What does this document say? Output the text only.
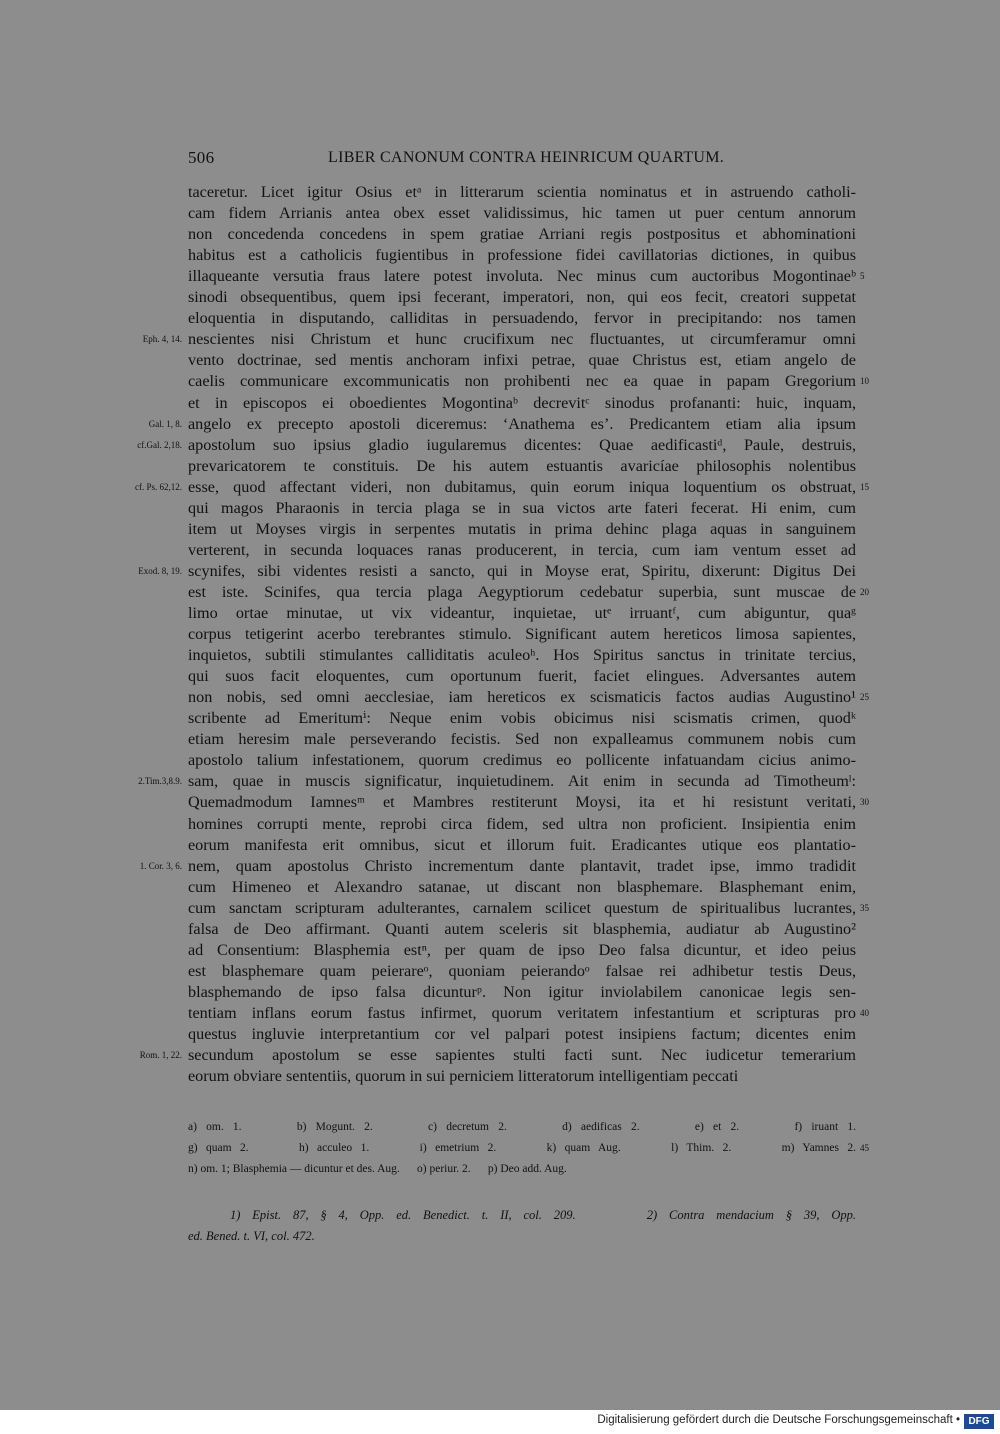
506	LIBER CANONUM CONTRA HEINRICUM QUARTUM.
taceretur. Licet igitur Osius etᵃ in litterarum scientia nominatus et in astruendo catholi-
cam fidem Arrianis antea obex esset validissimus, hic tamen ut puer centum annorum
non concedenda concedens in spem gratiae Arriani regis postpositus et abhominationi
habitus est a catholicis fugientibus in professione fidei cavillatorias dictiones, in quibus
illaqueante versutia fraus latere potest involuta. Nec minus cum auctoribus Mogontinaeᵇ 5
sinodi obsequentibus, quem ipsi fecerant, imperatori, non, qui eos fecit, creatori suppetat
eloquentia in disputando, calliditas in persuadendo, fervor in precipitando: nos tamen
nescientes nisi Christum et hunc crucifixum nec fluctuantes, ut circumferamur omni
Eph. 4, 14.
vento doctrinae, sed mentis anchoram infixi petrae, quae Christus est, etiam angelo de
caelis communicare excommunicatis non prohibenti nec ea quae in papam Gregorium 10
et in episcopos ei oboedientes Mogontinaᵇ decrevitᶜ sinodus profananti: huic, inquam,
angelo ex precepto apostoli diceremus: ‘Anathema es’. Predicantem etiam alia ipsum
Gal. 1, 8.
apostolum suo ipsius gladio iugularemus dicentes: Quae aedificastiᵈ, Paule, destruis,
cf.Gal. 2,18.
prevaricatorem te constituis. De his autem estuantis avaricíae philosophis nolentibus
esse, quod affectant videri, non dubitamus, quin eorum iniqua loquentium os obstruat,
cf. Ps. 62,12.	15
qui magos Pharaonis in tercia plaga se in sua victos arte fateri fecerat. Hi enim, cum
item ut Moyses virgis in serpentes mutatis in prima dehinc plaga aquas in sanguinem
verterent, in secunda loquaces ranas producerent, in tercia, cum iam ventum esset ad
scynifes, sibi videntes resisti a sancto, qui in Moyse erat, Spiritu, dixerunt: Digitus Dei
Exod. 8, 19.
est iste. Scinifes, qua tercia plaga Aegyptiorum cedebatur superbia, sunt muscae de 20
limo ortae minutae, ut vix videantur, inquietae, utᵉ irruantᶠ, cum abiguntur, quaᵍ
corpus tetigerint acerbo terebrantes stimulo. Significant autem hereticos limosa sapientes,
inquietos, subtili stimulantes calliditatis aculeoʰ. Hos Spiritus sanctus in trinitate tercius,
qui suos facit eloquentes, cum oportunum fuerit, faciet elingues. Adversantes autem
non nobis, sed omni aecclesiae, iam hereticos ex scismaticis factos audias Augustino¹ 25
scribente ad Emeritumⁱ: Neque enim vobis obicimus nisi scismatis crimen, quodᵏ
etiam heresim male perseverando fecistis. Sed non expalleamus communem nobis cum
apostolo talium infestationem, quorum credimus eo pollicente infatuandam cicius animo-
sam, quae in muscis significatur, inquietudinem. Ait enim in secunda ad Timotheumˡ:
2.Tim.3,8.9.
Quemadmodum Iamnesᵐ et Mambres restiterunt Moysi, ita et hi resistunt veritati, 30
homines corrupti mente, reprobi circa fidem, sed ultra non proficient. Insipientia enim
eorum manifesta erit omnibus, sicut et illorum fuit. Eradicantes utique eos plantatio-
nem, quam apostolus Christo incrementum dante plantavit, tradet ipse, immo tradidit
1. Cor. 3, 6.
cum Himeneo et Alexandro satanae, ut discant non blasphemare. Blasphemant enim,
cum sanctam scripturam adulterantes, carnalem scilicet questum de spiritualibus lucrantes, 35
falsa de Deo affirmant. Quanti autem sceleris sit blasphemia, audiatur ab Augustino²
ad Consentium: Blasphemia estⁿ, per quam de ipso Deo falsa dicuntur, et ideo peius
est blasphemare quam peierareᵒ, quoniam peierandoᵒ falsae rei adhibetur testis Deus,
blasphemando de ipso falsa dicunturᵖ. Non igitur inviolabilem canonicae legis sen-
tentiam inflans eorum fastus infirmet, quorum veritatem infestantium et scripturas pro 40
questus ingluvie interpretantium cor vel palpari potest insipiens factum; dicentes enim
secundum apostolum se esse sapientes stulti facti sunt. Nec iudicetur temerarium
Rom. 1, 22.
eorum obviare sententiis, quorum in sui perniciem litteratorum intelligentiam peccati
a) om. 1.      b) Mogunt. 2.      c) decretum 2.      d) aedificas 2.      e) et 2.      f) iruant 1.
g) quam 2.      h) acculeo 1.      i) emetrium 2.      k) quam Aug.      l) Thim. 2.      m) Yamnes 2. 45
n) om. 1; Blasphemia — dicuntur et des. Aug.      o) periur. 2.      p) Deo add. Aug.
1) Epist. 87, § 4, Opp. ed. Benedict. t. II, col. 209.      2) Contra mendacium § 39, Opp.
ed. Bened. t. VI, col. 472.
Digitalisierung gefördert durch die Deutsche Forschungsgemeinschaft • DFG
